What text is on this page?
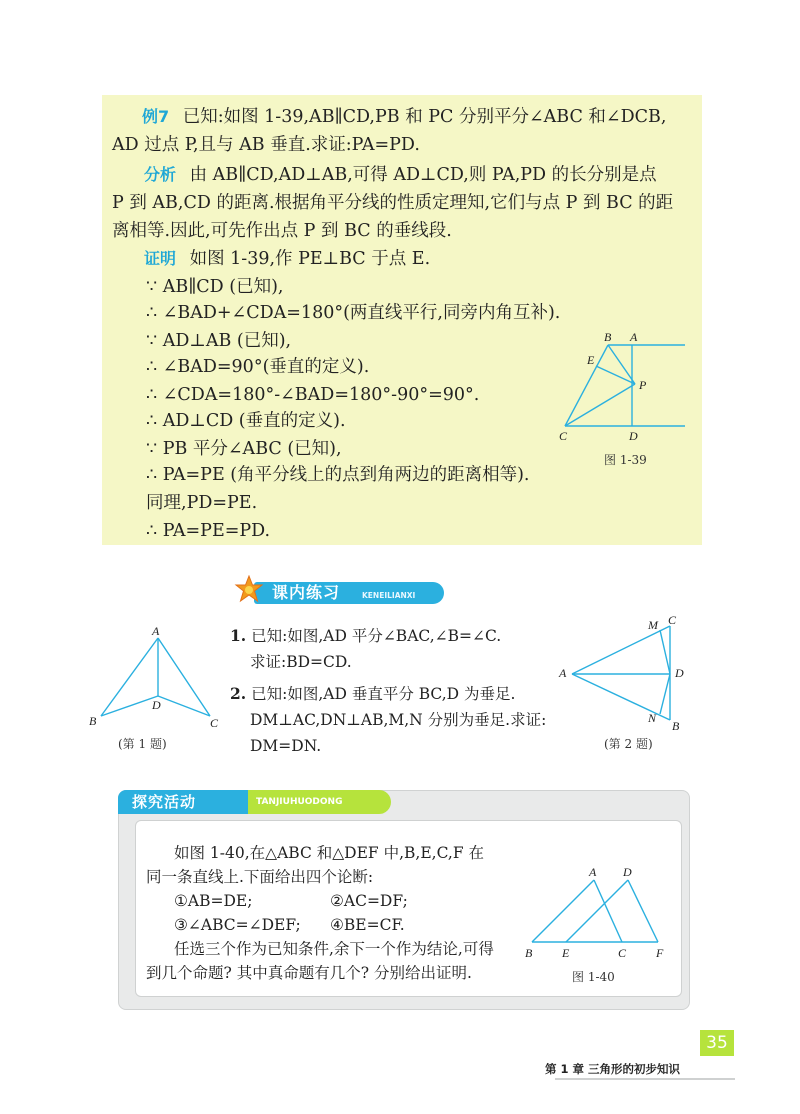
例7 已知:如图 1-39,AB∥CD,PB 和 PC 分别平分∠ABC 和∠DCB,
AD 过点 P,且与 AB 垂直.求证:PA=PD.
分析 由 AB∥CD,AD⊥AB,可得 AD⊥CD,则 PA,PD 的长分别是点
P 到 AB,CD 的距离.根据角平分线的性质定理知,它们与点 P 到 BC 的距
离相等.因此,可先作出点 P 到 BC 的垂线段.
证明 如图 1-39,作 PE⊥BC 于点 E.
∵ AB∥CD (已知),
∴ ∠BAD+∠CDA=180°(两直线平行,同旁内角互补).
∵ AD⊥AB (已知),
∴ ∠BAD=90°(垂直的定义).
∴ ∠CDA=180°-∠BAD=180°-90°=90°.
∴ AD⊥CD (垂直的定义).
∵ PB 平分∠ABC (已知),
∴ PA=PE (角平分线上的点到角两边的距离相等).
同理,PD=PE.
∴ PA=PE=PD.
B A
E
P
C	D
图 1-39
课内练习	KENEILIANXI
A
D
B	C
(第 1 题)
1. 已知:如图,AD 平分∠BAC,∠B=∠C.
求证:BD=CD.
2. 已知:如图,AD 垂直平分 BC,D 为垂足.
DM⊥AC,DN⊥AB,M,N 分别为垂足.求证:
DM=DN.
M C
A	D
N
B
(第 2 题)
探究活动	TANJIUHUODONG
如图 1-40,在△ABC 和△DEF 中,B,E,C,F 在
同一条直线上.下面给出四个论断:
①AB=DE;	②AC=DF;
③∠ABC=∠DEF; ④BE=CF.
任选三个作为已知条件,余下一个作为结论,可得
到几个命题? 其中真命题有几个? 分别给出证明.
A D
B E	C F
图 1-40
第 1 章 三角形的初步知识
35
